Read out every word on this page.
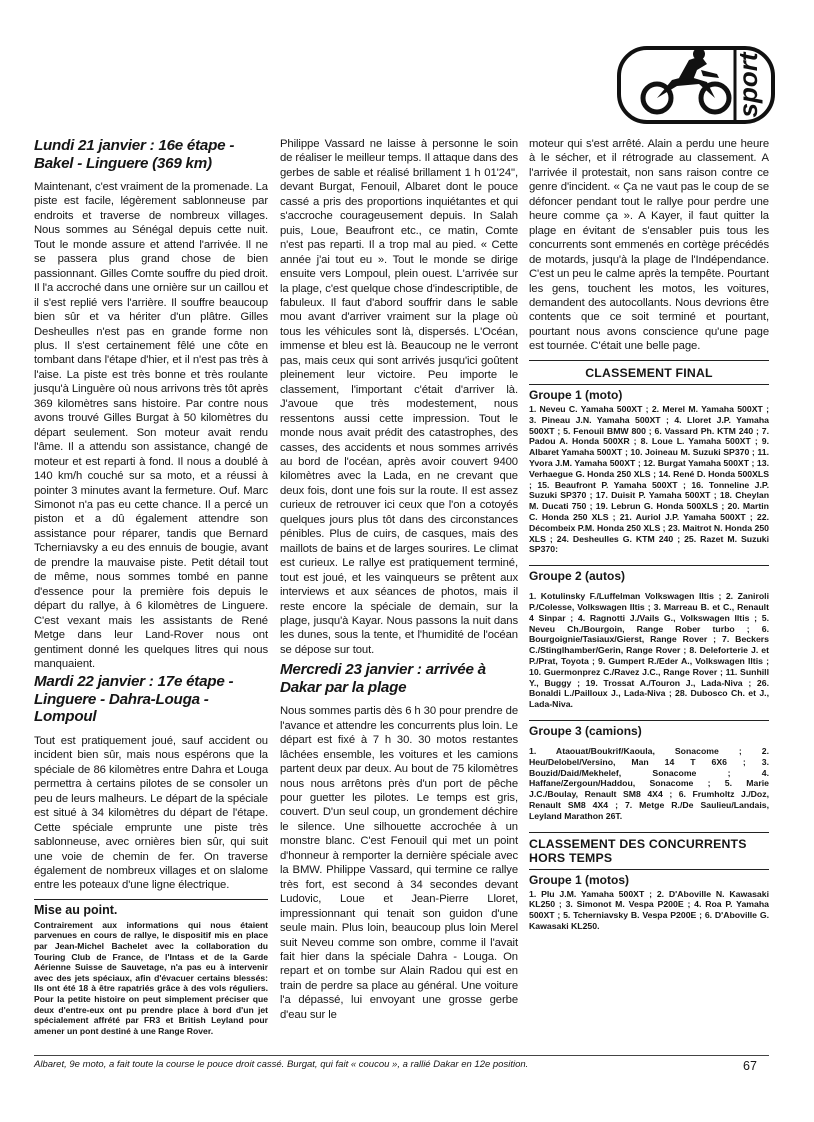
sport
Lundi 21 janvier : 16e étape - Bakel - Linguere (369 km)

Maintenant, c'est vraiment de la promenade. La piste est facile, légèrement sablonneuse par endroits et traverse de nombreux villages. Nous sommes au Sénégal depuis cette nuit. Tout le monde assure et attend l'arrivée. Il ne se passera plus grand chose de bien passionnant. Gilles Comte souffre du pied droit. Il l'a accroché dans une ornière sur un caillou et il s'est replié vers l'arrière. Il souffre beaucoup bien sûr et va hériter d'un plâtre. Gilles Desheulles n'est pas en grande forme non plus. Il s'est certainement fêlé une côte en tombant dans l'étape d'hier, et il n'est pas très à l'aise. La piste est très bonne et très roulante jusqu'à Linguère où nous arrivons très tôt après 369 kilomètres sans histoire. Par contre nous avons trouvé Gilles Burgat à 50 kilomètres du départ seulement. Son moteur avait rendu l'âme. Il a attendu son assistance, changé de moteur et est reparti à fond. Il nous a doublé à 140 km/h couché sur sa moto, et a réussi à pointer 3 minutes avant la fermeture. Ouf. Marc Simonot n'a pas eu cette chance. Il a percé un piston et a dû également attendre son assistance pour réparer, tandis que Bernard Tcherniavsky a eu des ennuis de bougie, avant de prendre la mauvaise piste. Petit détail tout de même, nous sommes tombé en panne d'essence pour la première fois depuis le départ du rallye, à 6 kilomètres de Linguere. C'est vexant mais les assistants de René Metge dans leur Land-Rover nous ont gentiment donné les quelques litres qui nous manquaient.

Mardi 22 janvier : 17e étape - Linguere - Dahra-Louga - Lompoul

Tout est pratiquement joué, sauf accident ou incident bien sûr, mais nous espérons que la spéciale de 86 kilomètres entre Dahra et Louga permettra à certains pilotes de se consoler un peu de leurs malheurs. Le départ de la spéciale est situé à 34 kilomètres du départ de l'étape. Cette spéciale emprunte une piste très sablonneuse, avec ornières bien sûr, qui suit une voie de chemin de fer. On traverse également de nombreux villages et on slalome entre les poteaux d'une ligne électrique.

Mise au point.

Contrairement aux informations qui nous étaient parvenues en cours de rallye, le dispositif mis en place par Jean-Michel Bachelet avec la collaboration du Touring Club de France, de l'Intass et de la Garde Aérienne Suisse de Sauvetage, n'a pas eu à intervenir avec des jets spéciaux, afin d'évacuer certains blessés: Ils ont été 18 à être rapatriés grâce à des vols réguliers. Pour la petite histoire on peut simplement préciser que deux d'entre-eux ont pu prendre place à bord d'un jet spécialement affrété par FR3 et British Leyland pour amener un pont destiné à une Range Rover.

Philippe Vassard ne laisse à personne le soin de réaliser le meilleur temps. Il attaque dans des gerbes de sable et réalisé brillament 1 h 01'24", devant Burgat, Fenouil, Albaret dont le pouce cassé a pris des proportions inquiétantes et qui s'accroche courageusement depuis. In Salah puis, Loue, Beaufront etc., ce matin, Comte n'est pas reparti. Il a trop mal au pied. « Cette année j'ai tout eu ». Tout le monde se dirige ensuite vers Lompoul, plein ouest. L'arrivée sur la plage, c'est quelque chose d'indescriptible, de fabuleux. Il faut d'abord souffrir dans le sable mou avant d'arriver vraiment sur la plage où tous les véhicules sont là, dispersés. L'Océan, immense et bleu est là. Beaucoup ne le verront pas, mais ceux qui sont arrivés jusqu'ici goûtent pleinement leur victoire. Peu importe le classement, l'important c'était d'arriver là. J'avoue que très modestement, nous ressentons aussi cette impression. Tout le monde nous avait prédit des catastrophes, des casses, des accidents et nous sommes arrivés au bord de l'océan, après avoir couvert 9400 kilomètres avec la Lada, en ne crevant que deux fois, dont une fois sur la route. Il est assez curieux de retrouver ici ceux que l'on a cotoyés quelques jours plus tôt dans des circonstances pénibles. Plus de cuirs, de casques, mais des maillots de bains et de larges sourires. Le climat est curieux. Le rallye est pratiquement terminé, tout est joué, et les vainqueurs se prêtent aux interviews et aux séances de photos, mais il reste encore la spéciale de demain, sur la plage, jusqu'à Kayar. Nous passons la nuit dans les dunes, sous la tente, et l'humidité de l'océan se dépose sur tout.

Mercredi 23 janvier : arrivée à Dakar par la plage

Nous sommes partis dès 6 h 30 pour prendre de l'avance et attendre les concurrents plus loin. Le départ est fixé à 7 h 30. 30 motos restantes lâchées ensemble, les voitures et les camions partent deux par deux. Au bout de 75 kilomètres nous nous arrêtons près d'un port de pêche pour guetter les pilotes. Le temps est gris, couvert. D'un seul coup, un grondement déchire le silence. Une silhouette accrochée à un monstre blanc. C'est Fenouil qui met un point d'honneur à remporter la dernière spéciale avec la BMW. Philippe Vassard, qui termine ce rallye très fort, est second à 34 secondes devant Ludovic, Loue et Jean-Pierre Lloret, impressionnant qui tenait son guidon d'une seule main. Plus loin, beaucoup plus loin Merel suit Neveu comme son ombre, comme il l'avait fait hier dans la spéciale Dahra - Louga. On repart et on tombe sur Alain Radou qui est en train de perdre sa place au général. Une voiture l'a dépassé, lui envoyant une grosse gerbe d'eau sur le

moteur qui s'est arrêté. Alain a perdu une heure à le sécher, et il rétrograde au classement. A l'arrivée il protestait, non sans raison contre ce genre d'incident. « Ça ne vaut pas le coup de se défoncer pendant tout le rallye pour perdre une heure comme ça ». A Kayer, il faut quitter la plage en évitant de s'ensabler puis tous les concurrents sont emmenés en cortège précédés de motards, jusqu'à la plage de l'Indépendance. C'est un peu le calme après la tempête. Pourtant les gens, touchent les motos, les voitures, demandent des autocollants. Nous devrions être contents que ce soit terminé et pourtant, pourtant nous avons conscience qu'une page est tournée. C'était une belle page.

CLASSEMENT FINAL

Groupe 1 (moto)

1. Neveu C. Yamaha 500XT ; 2. Merel M. Yamaha 500XT ; 3. Pineau J.N. Yamaha 500XT ; 4. Lloret J.P. Yamaha 500XT ; 5. Fenouil BMW 800 ; 6. Vassard Ph. KTM 240 ; 7. Padou A. Honda 500XR ; 8. Loue L. Yamaha 500XT ; 9. Albaret Yamaha 500XT ; 10. Joineau M. Suzuki SP370 ; 11. Yvora J.M. Yamaha 500XT ; 12. Burgat Yamaha 500XT ; 13. Verhaegue G. Honda 250 XLS ; 14. René D. Honda 500XLS ; 15. Beaufront P. Yamaha 500XT ; 16. Tonneline J.P. Suzuki SP370 ; 17. Duisit P. Yamaha 500XT ; 18. Cheylan M. Ducati 750 ; 19. Lebrun G. Honda 500XLS ; 20. Martin C. Honda 250 XLS ; 21. Auriol J.P. Yamaha 500XT ; 22. Décombeix P.M. Honda 250 XLS ; 23. Maitrot N. Honda 250 XLS ; 24. Desheulles G. KTM 240 ; 25. Razet M. Suzuki SP370:

Groupe 2 (autos)

1. Kotulinsky F./Luffelman Volkswagen Iltis ; 2. Zaniroli P./Colesse, Volkswagen Iltis ; 3. Marreau B. et C., Renault 4 Sinpar ; 4. Ragnotti J./Vails G., Volkswagen Iltis ; 5. Neveu Ch./Bourgoin, Range Rober turbo ; 6. Bourgoignie/Tasiaux/Gierst, Range Rover ; 7. Beckers C./Stinglhamber/Gerin, Range Rover ; 8. Deleforterie J. et P./Prat, Toyota ; 9. Gumpert R./Eder A., Volkswagen Iltis ; 10. Guermonprez C./Ravez J.C., Range Rover ; 11. Sunhill Y., Buggy ; 19. Trossat A./Touron J., Lada-Niva ; 26. Bonaldi L./Pailloux J., Lada-Niva ; 28. Dubosco Ch. et J., Lada-Niva.

Groupe 3 (camions)

1. Ataouat/Boukrif/Kaoula, Sonacome ; 2. Heu/Delobel/Versino, Man 14 T 6X6 ; 3. Bouzid/Daid/Mekhelef, Sonacome ; 4. Haffane/Zergoun/Haddou, Sonacome ; 5. Marie J.C./Boulay, Renault SM8 4X4 ; 6. Frumholtz J./Doz, Renault SM8 4X4 ; 7. Metge R./De Saulieu/Landais, Leyland Marathon 26T.

CLASSEMENT DES CONCURRENTS HORS TEMPS

Groupe 1 (motos)

1. Plu J.M. Yamaha 500XT ; 2. D'Aboville N. Kawasaki KL250 ; 3. Simonot M. Vespa P200E ; 4. Roa P. Yamaha 500XT ; 5. Tcherniavsky B. Vespa P200E ; 6. D'Aboville G. Kawasaki KL250.

Albaret, 9e moto, a fait toute la course le pouce droit cassé. Burgat, qui fait « coucou », a rallié Dakar en 12e position.	67
